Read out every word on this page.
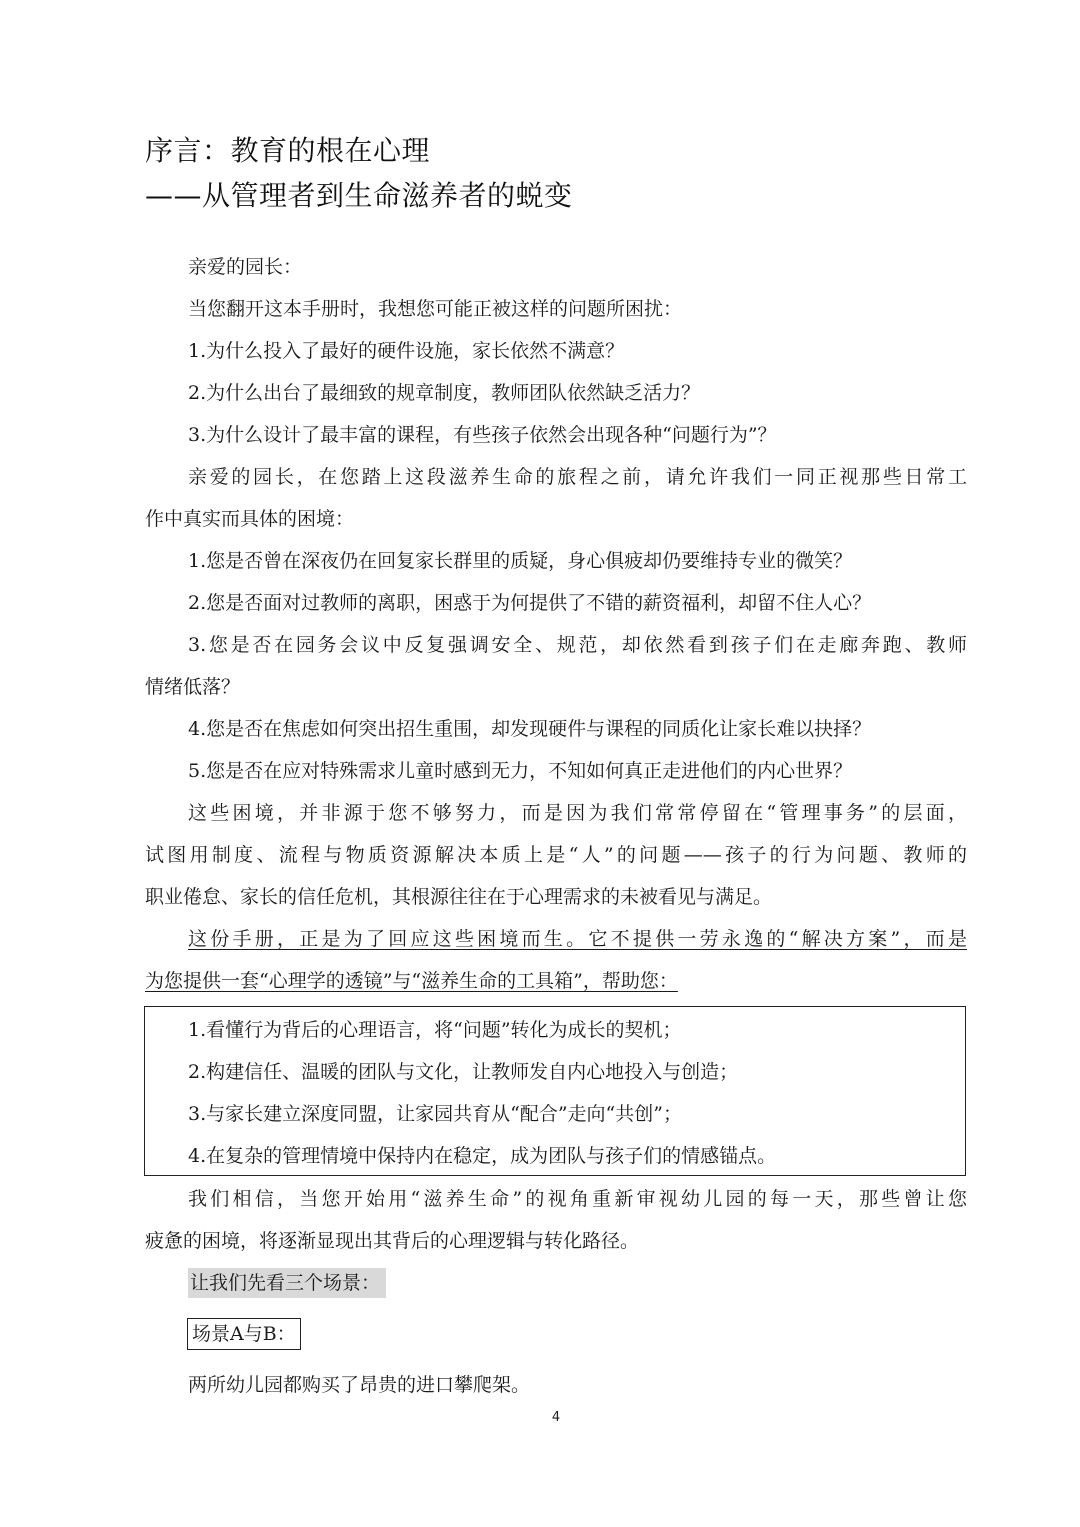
序言：教育的根在心理
——从管理者到生命滋养者的蜕变
亲爱的园长：
当您翻开这本手册时，我想您可能正被这样的问题所困扰：
1.为什么投入了最好的硬件设施，家长依然不满意？
2.为什么出台了最细致的规章制度，教师团队依然缺乏活力？
3.为什么设计了最丰富的课程，有些孩子依然会出现各种“问题行为”？
亲爱的园长，在您踏上这段滋养生命的旅程之前，请允许我们一同正视那些日常工
作中真实而具体的困境：
1.您是否曾在深夜仍在回复家长群里的质疑，身心俱疲却仍要维持专业的微笑？
2.您是否面对过教师的离职，困惑于为何提供了不错的薪资福利，却留不住人心？
3.您是否在园务会议中反复强调安全、规范，却依然看到孩子们在走廊奔跑、教师
情绪低落？
4.您是否在焦虑如何突出招生重围，却发现硬件与课程的同质化让家长难以抉择？
5.您是否在应对特殊需求儿童时感到无力，不知如何真正走进他们的内心世界？
这些困境，并非源于您不够努力，而是因为我们常常停留在“管理事务”的层面，
试图用制度、流程与物质资源解决本质上是“人”的问题——孩子的行为问题、教师的
职业倦怠、家长的信任危机，其根源往往在于心理需求的未被看见与满足。
这份手册，正是为了回应这些困境而生。它不提供一劳永逸的“解决方案”，而是
为您提供一套“心理学的透镜”与“滋养生命的工具箱”，帮助您：
1.看懂行为背后的心理语言，将“问题”转化为成长的契机；
2.构建信任、温暖的团队与文化，让教师发自内心地投入与创造；
3.与家长建立深度同盟，让家园共育从“配合”走向“共创”；
4.在复杂的管理情境中保持内在稳定，成为团队与孩子们的情感锚点。
我们相信，当您开始用“滋养生命”的视角重新审视幼儿园的每一天，那些曾让您
疲惫的困境，将逐渐显现出其背后的心理逻辑与转化路径。
让我们先看三个场景：
场景A与B：
两所幼儿园都购买了昂贵的进口攀爬架。
4
